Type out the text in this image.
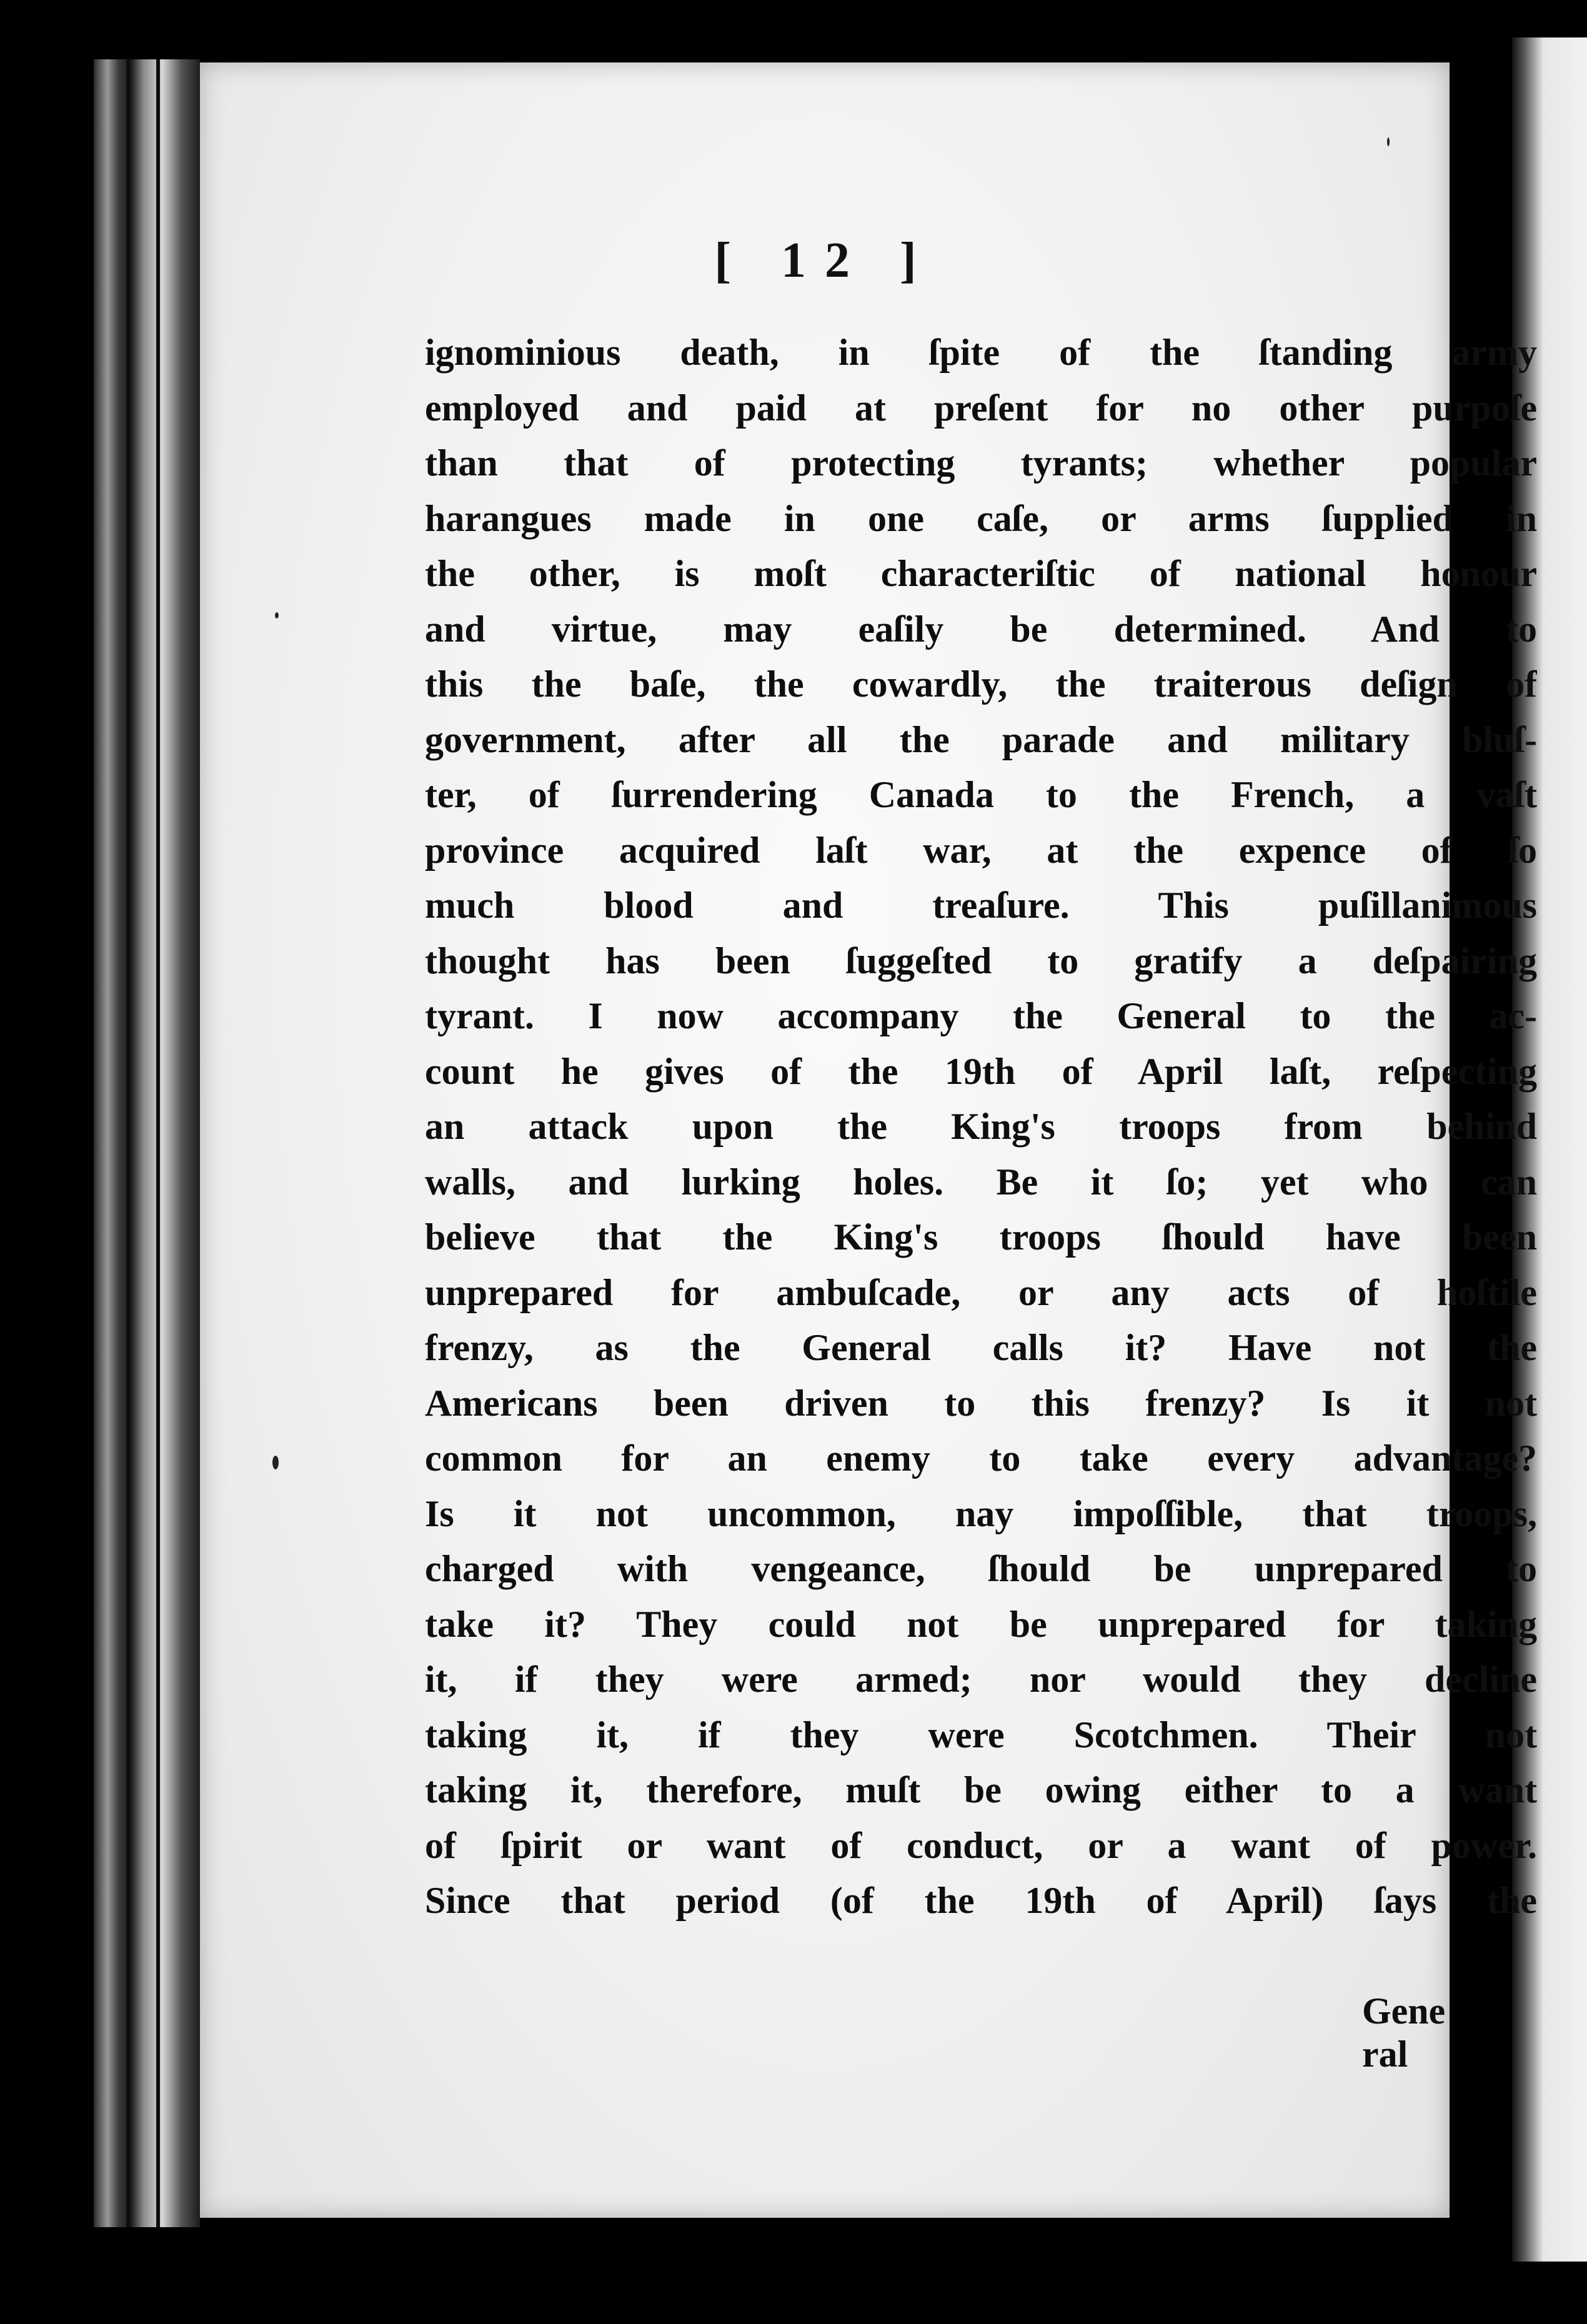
[ 12 ]
ignominious death, in ſpite of the ſtanding army
employed and paid at preſent for no other purpoſe
than that of protecting tyrants; whether popular
harangues made in one caſe, or arms ſupplied in
the other, is moſt characteriſtic of national honour
and virtue, may eaſily be determined. And to
this the baſe, the cowardly, the traiterous deſign of
government, after all the parade and military bluſ-
ter, of ſurrendering Canada to the French, a vaſt
province acquired laſt war, at the expence of ſo
much blood and treaſure. This puſillanimous
thought has been ſuggeſted to gratify a deſpairing
tyrant. I now accompany the General to the ac-
count he gives of the 19th of April laſt, reſpecting
an attack upon the King's troops from behind
walls, and lurking holes. Be it ſo; yet who can
believe that the King's troops ſhould have been
unprepared for ambuſcade, or any acts of hoſtile
frenzy, as the General calls it? Have not the
Americans been driven to this frenzy? Is it not
common for an enemy to take every advantage?
Is it not uncommon, nay impoſſible, that troops,
charged with vengeance, ſhould be unprepared to
take it? They could not be unprepared for taking
it, if they were armed; nor would they decline
taking it, if they were Scotchmen. Their not
taking it, therefore, muſt be owing either to a want
of ſpirit or want of conduct, or a want of power.
Since that period (of the 19th of April) ſays the
Gene ral
